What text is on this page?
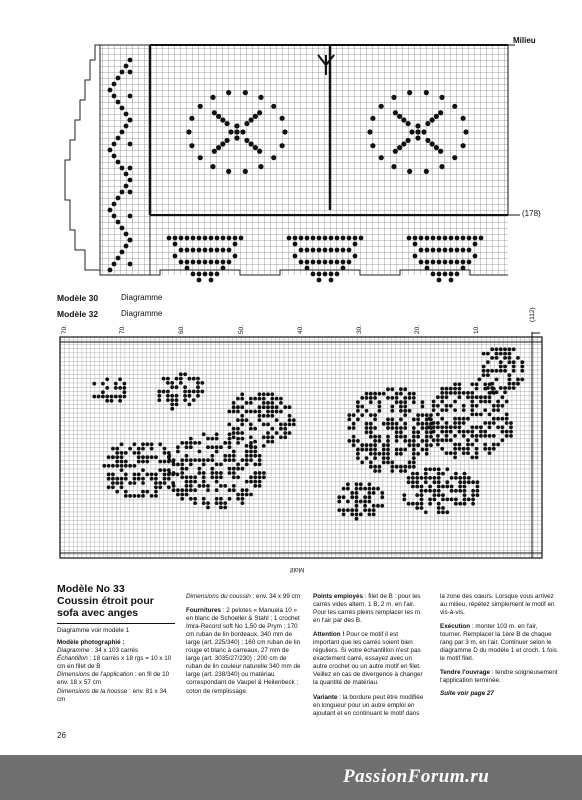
Milieu
(178)
Modèle 30	Diagramme
Modèle 32	Diagramme
70.	70.	60.	50.	40.	30.	20.	10.
(112)
Motif
Modèle No 33
Coussin étroit pour
sofa avec anges
Diagramme voir modèle 1
Modèle photographié :
Diagramme : 34 x 103 carrés
Échantillon : 18 carrés x 18 rgs = 10 x 10 cm en filet de B
Dimensions de l'application : en fil de 10 env. 18 x 57 cm
Dimensions de la housse : env. 81 x 34 cm
26
Dimensions du coussin : env. 34 x 99 cm
Fournitures : 2 pelotes « Manuela 10 » en blanc de Schoeller & Stahl ; 1 crochet Imra-Record soft No 1,50 de Prym ; 170 cm ruban de lin bordeaux, 340 mm de large (art. 225/340) ; 160 cm ruban de lin rouge et blanc à carreaux, 27 mm de large (art. 3035/27/230) ; 200 cm de ruban de lin couleur naturelle 340 mm de large (art. 238/340) ou matériau correspondant de Vaupel & Heilenbeck ; coton de remplissage.
Points employés : filet de B : pour les carrés vides altern. 1 B, 2 m. en l'air. Pour les carrés pleins remplacer les m. en l'air par des B.
Attention ! Pour ce motif il est important que les carrés soient bien réguliers. Si votre échantillon n'est pas exactement carré, essayez avec un autre crochet ou un autre motif en filet. Veillez en cas de divergence à changer la quantité de matériau.
Variante : la bordure peut être modifiée en longueur pour un autre emploi en ajoutant et en continuant le motif dans
la zone des cœurs. Lorsque vous arrivez au milieu, répétez simplement le motif en vis-à-vis.
Exécution : monter 103 m. en l'air, tourner. Remplacer la 1ère B de chaque rang par 3 m. en l'air. Continuer selon le diagramme D du modèle 1 et croch. 1 fois le motif filet.
Tendre l'ouvrage : tendre soigneusement l'application terminée.
Suite voir page 27
PassionForum.ru
